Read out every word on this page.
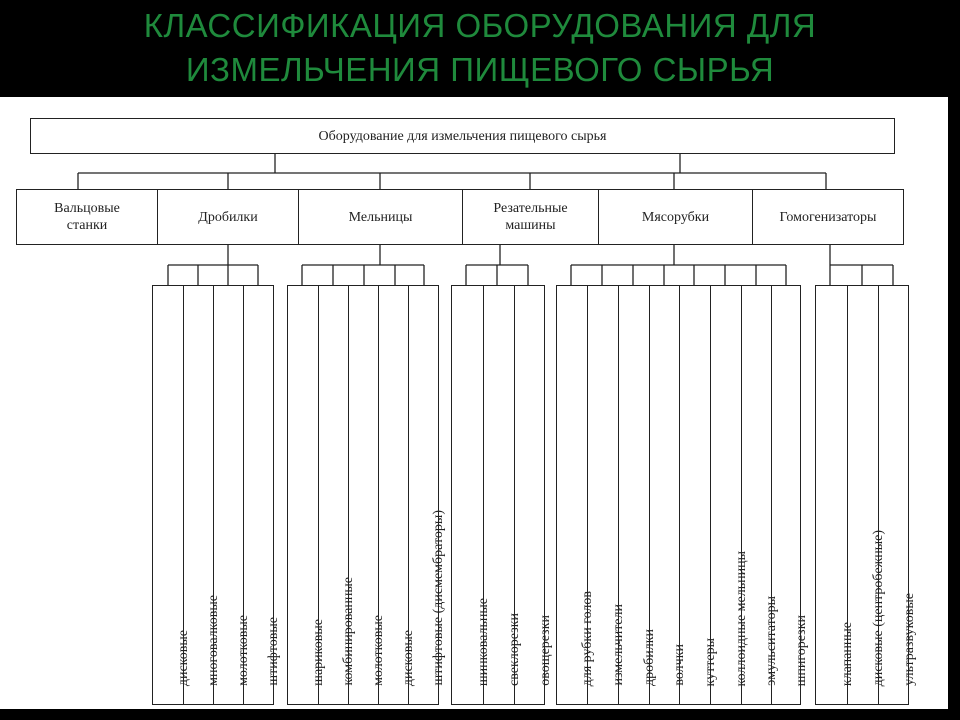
КЛАССИФИКАЦИЯ ОБОРУДОВАНИЯ ДЛЯ
ИЗМЕЛЬЧЕНИЯ ПИЩЕВОГО СЫРЬЯ
Оборудование для измельчения пищевого сырья
Вальцовые
станки
Дробилки	Мельницы
Резательные
машины
Мясорубки	Гомогенизаторы
дисковые многовалковые молотковые штифтовые шариковые комбинированные молотковые дисковые штифтовые (дисмембраторы) шинковальные свеклорезки овощерезки для рубки голов измельчители дробилки волчки куттеры коллоидные мельницы эмульситаторы шпигорезки клапанные дисковые (центробежные) ультразвуковые
